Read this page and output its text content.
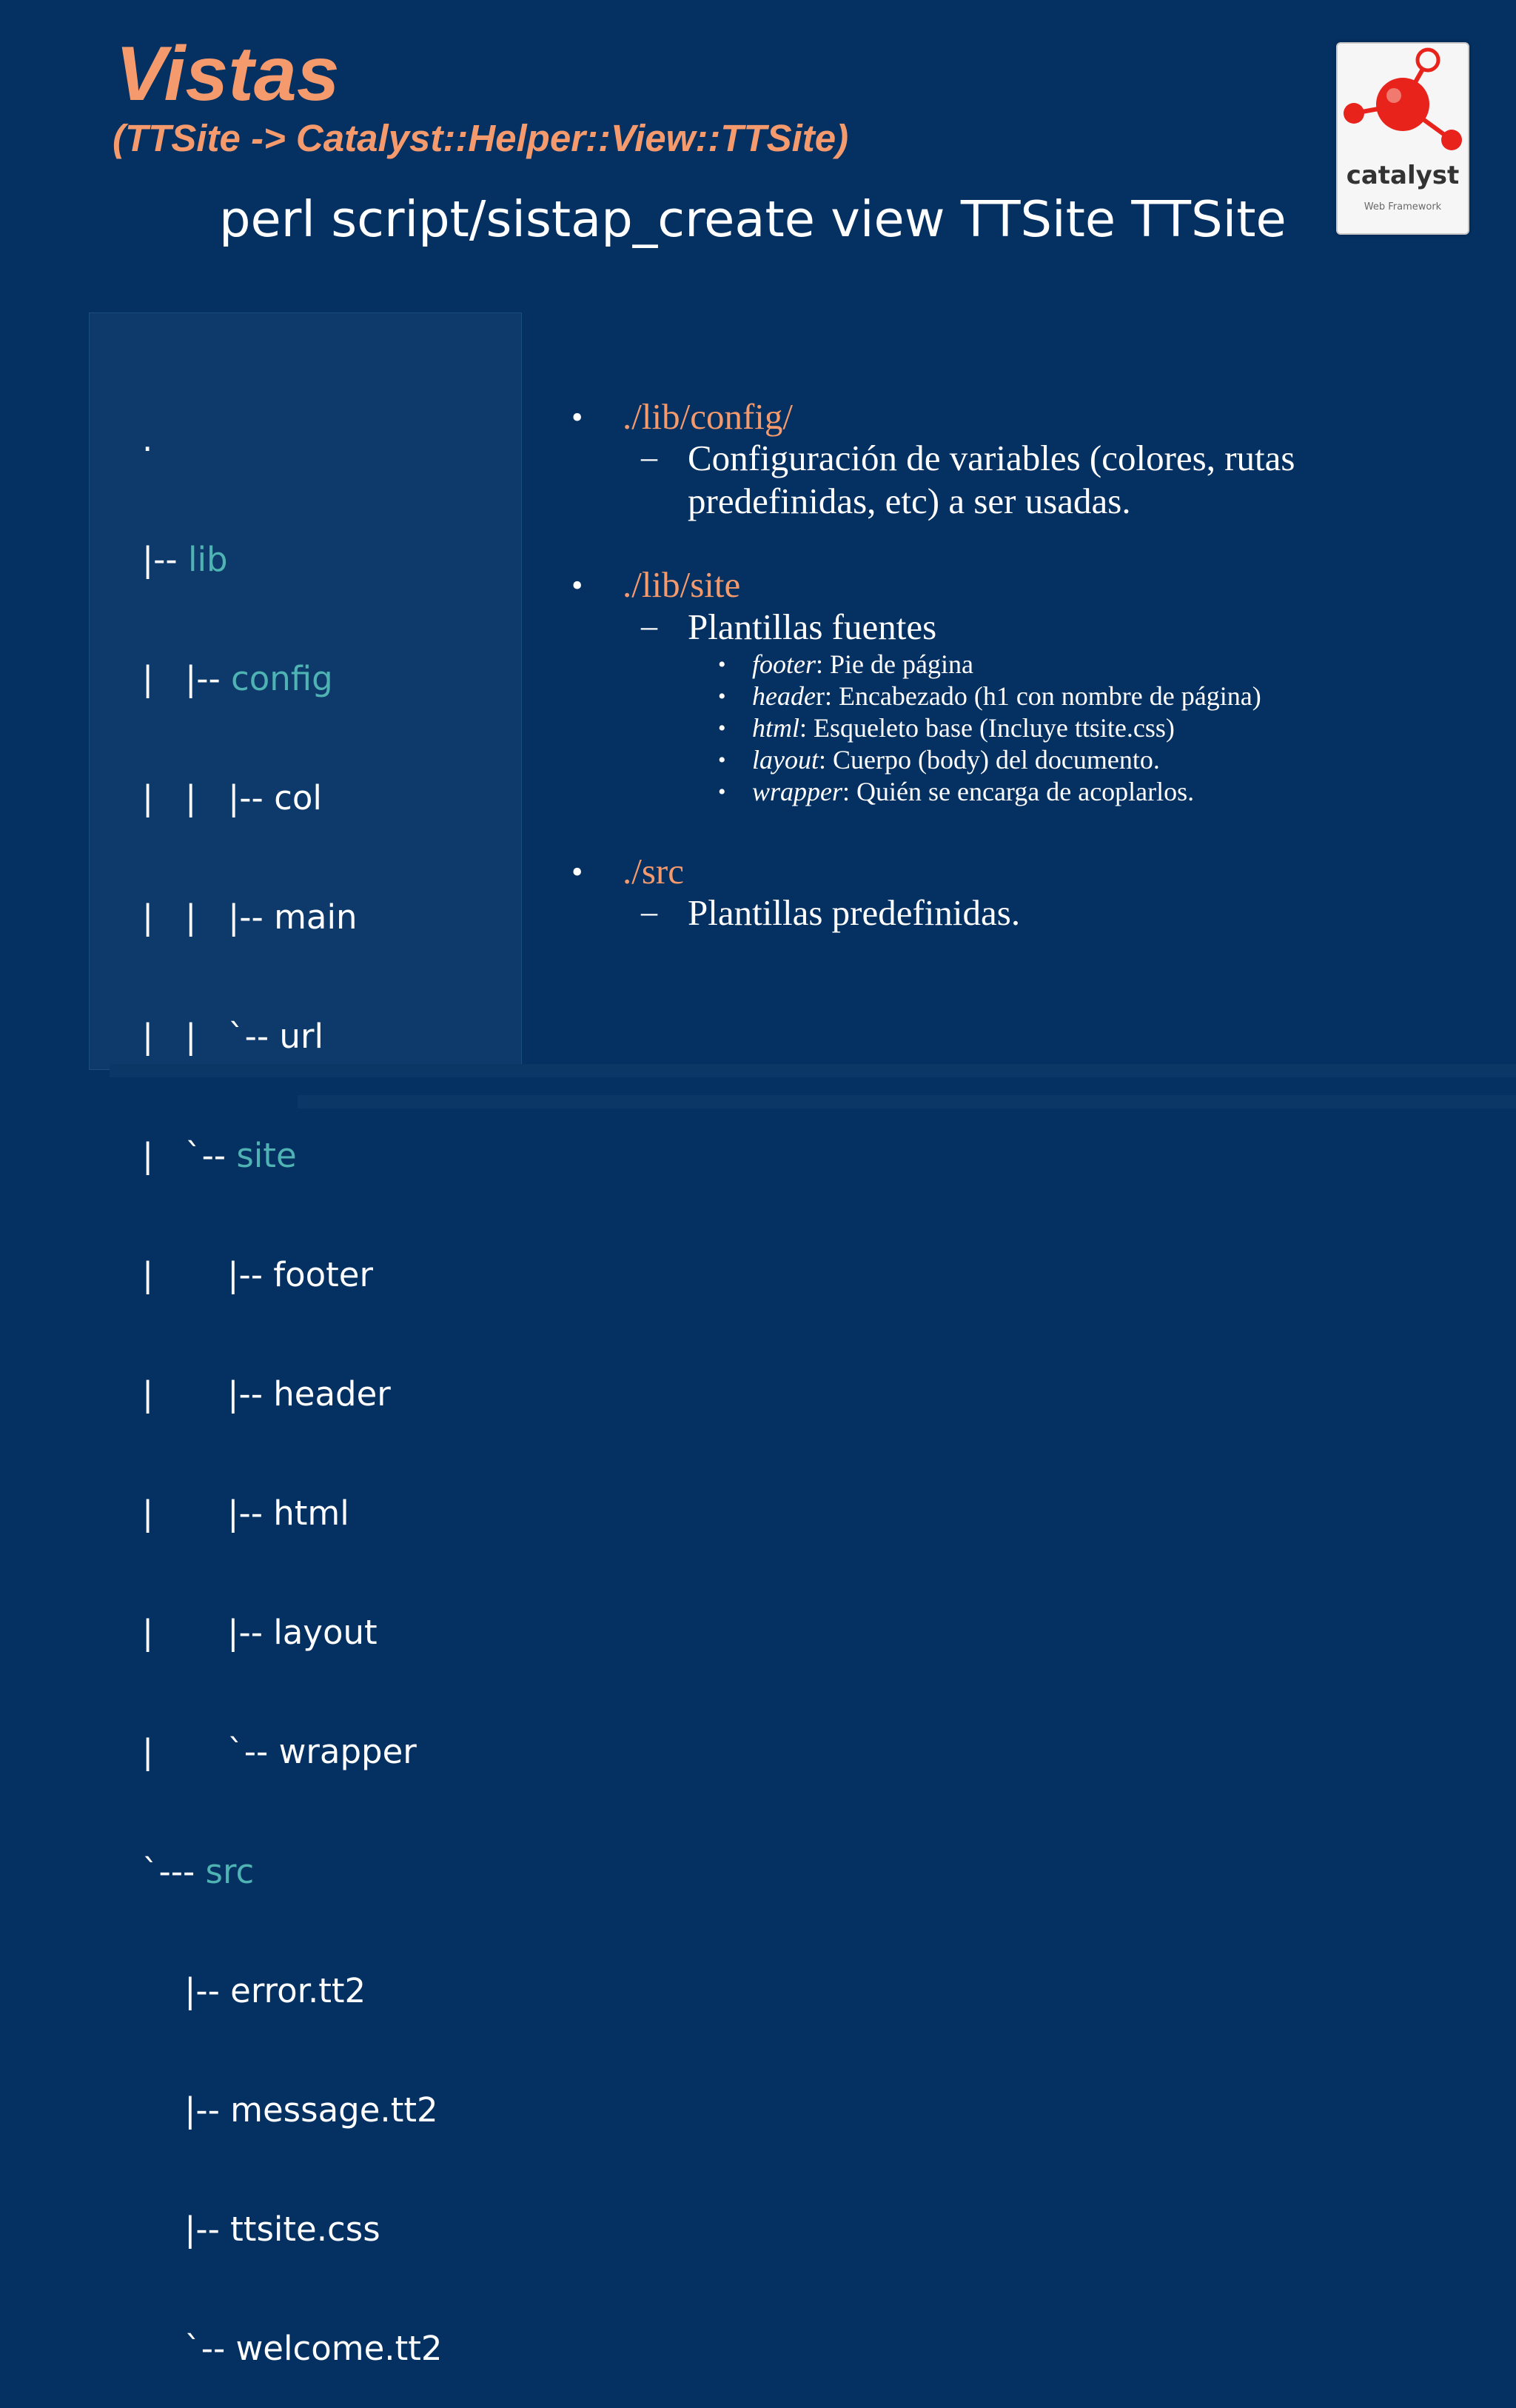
Vistas
(TTSite -> Catalyst::Helper::View::TTSite)
perl script/sistap_create view TTSite TTSite
catalyst
Web Framework

.

|-- lib

|   |-- config

|   |   |-- col

|   |   |-- main

|   |   `-- url

|   `-- site

|       |-- footer

|       |-- header

|       |-- html

|       |-- layout

|       `-- wrapper

`--- src

|-- error.tt2

|-- message.tt2

|-- ttsite.css

`-- welcome.tt2

• ./lib/config/
– Configuración de variables (colores, rutas predefinidas, etc) a ser usadas.
• ./lib/site
– Plantillas fuentes
• footer: Pie de página
• header: Encabezado (h1 con nombre de página)
• html: Esqueleto base (Incluye ttsite.css)
• layout: Cuerpo (body) del documento.
• wrapper: Quién se encarga de acoplarlos.
• ./src
– Plantillas predefinidas.
